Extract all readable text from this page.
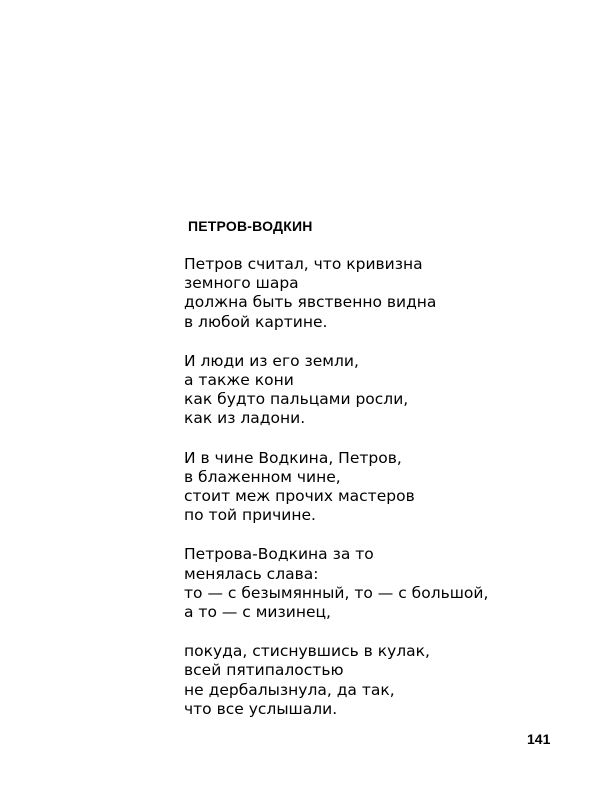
ПЕТРОВ-ВОДКИН
Петров считал, что кривизна
земного шара
должна быть явственно видна
в любой картине.
И люди из его земли,
а также кони
как будто пальцами росли,
как из ладони.
И в чине Водкина, Петров,
в блаженном чине,
стоит меж прочих мастеров
по той причине.
Петрова-Водкина за то
менялась слава:
то — с безымянный, то — с большой,
а то — с мизинец,
покуда, стиснувшись в кулак,
всей пятипалостью
не дербалызнула, да так,
что все услышали.
141
